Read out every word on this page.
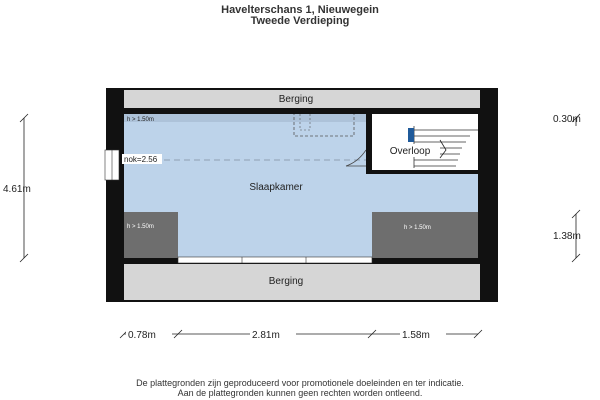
Havelterschans 1, Nieuwegein
Tweede Verdieping
Berging
Berging
Slaapkamer
Overloop
h > 1.50m
h > 1.50m	h > 1.50m
nok=2.56
4.61m
0.30m
1.38m
0.78m	2.81m	1.58m
De plattegronden zijn geproduceerd voor promotionele doeleinden en ter indicatie.
Aan de plattegronden kunnen geen rechten worden ontleend.
